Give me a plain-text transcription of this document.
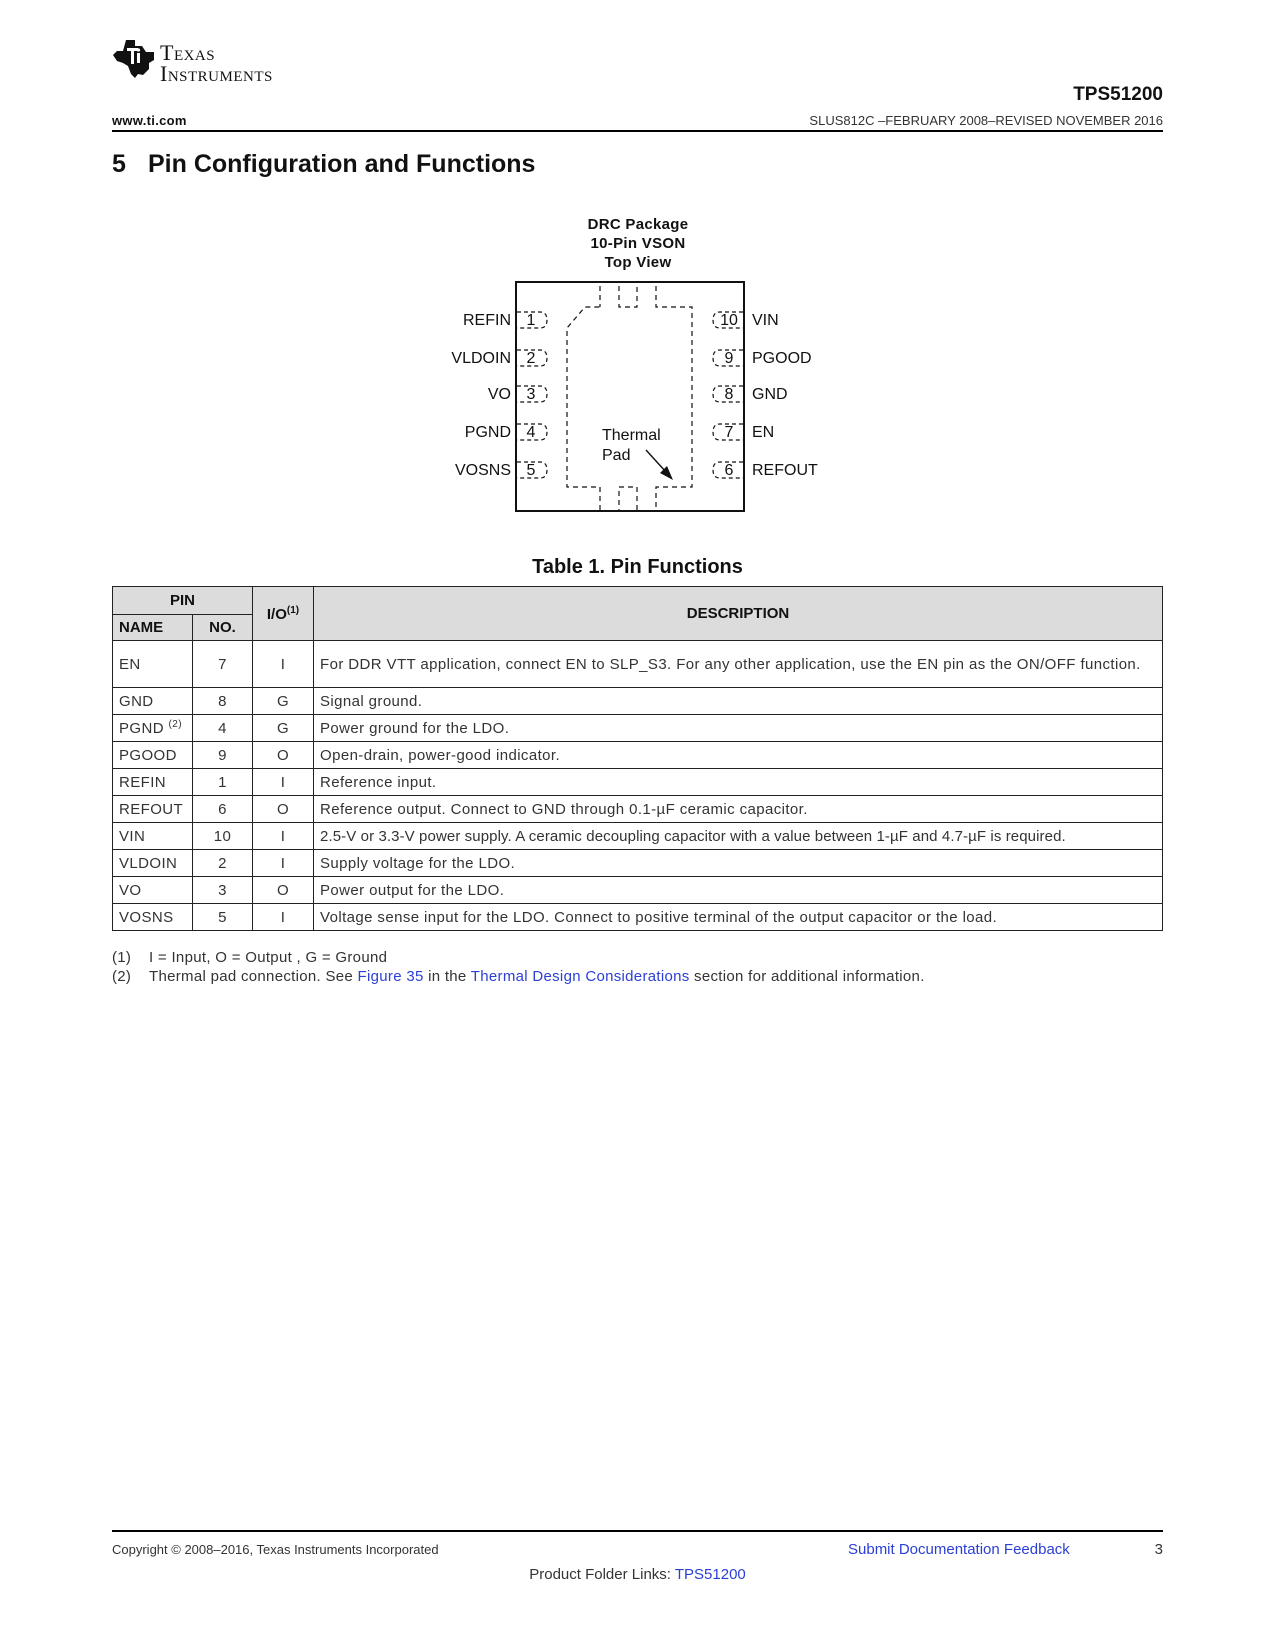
Texas
Instruments
TPS51200
www.ti.com	SLUS812C –FEBRUARY 2008–REVISED NOVEMBER 2016
5 Pin Configuration and Functions
DRC Package
10-Pin VSON
Top View
1
2
3
4
5
REFIN
VLDOIN
VO
PGND
VOSNS
10
9
8
7
6
VIN
PGOOD
GND
EN
REFOUT
Thermal
Pad
Table 1. Pin Functions
PIN		$I/O^{(1)}$	DESCRIPTION
NAME	NO.		
EN	7	I	For DDR VTT application, connect EN to SLP_S3. For any other application, use the EN pin as the ON/OFF function.
GND	8	G	Signal ground.
PGND $^{(2)}$	4	G	Power ground for the LDO.
PGOOD	9	O	Open-drain, power-good indicator.
REFIN	1	I	Reference input.
REFOUT	6	O	Reference output. Connect to GND through 0.1-µF ceramic capacitor.
VIN	10	I	2.5-V or 3.3-V power supply. A ceramic decoupling capacitor with a value between 1-µF and 4.7-µF is required.
VLDOIN	2	I	Supply voltage for the LDO.
VO	3	O	Power output for the LDO.
VOSNS	5	I	Voltage sense input for the LDO. Connect to positive terminal of the output capacitor or the load.
(1) I = Input, O = Output , G = Ground
(2) Thermal pad connection. See Figure 35 in the Thermal Design Considerations section for additional information.
Copyright © 2008–2016, Texas Instruments Incorporated	Submit Documentation Feedback	3
Product Folder Links: TPS51200
